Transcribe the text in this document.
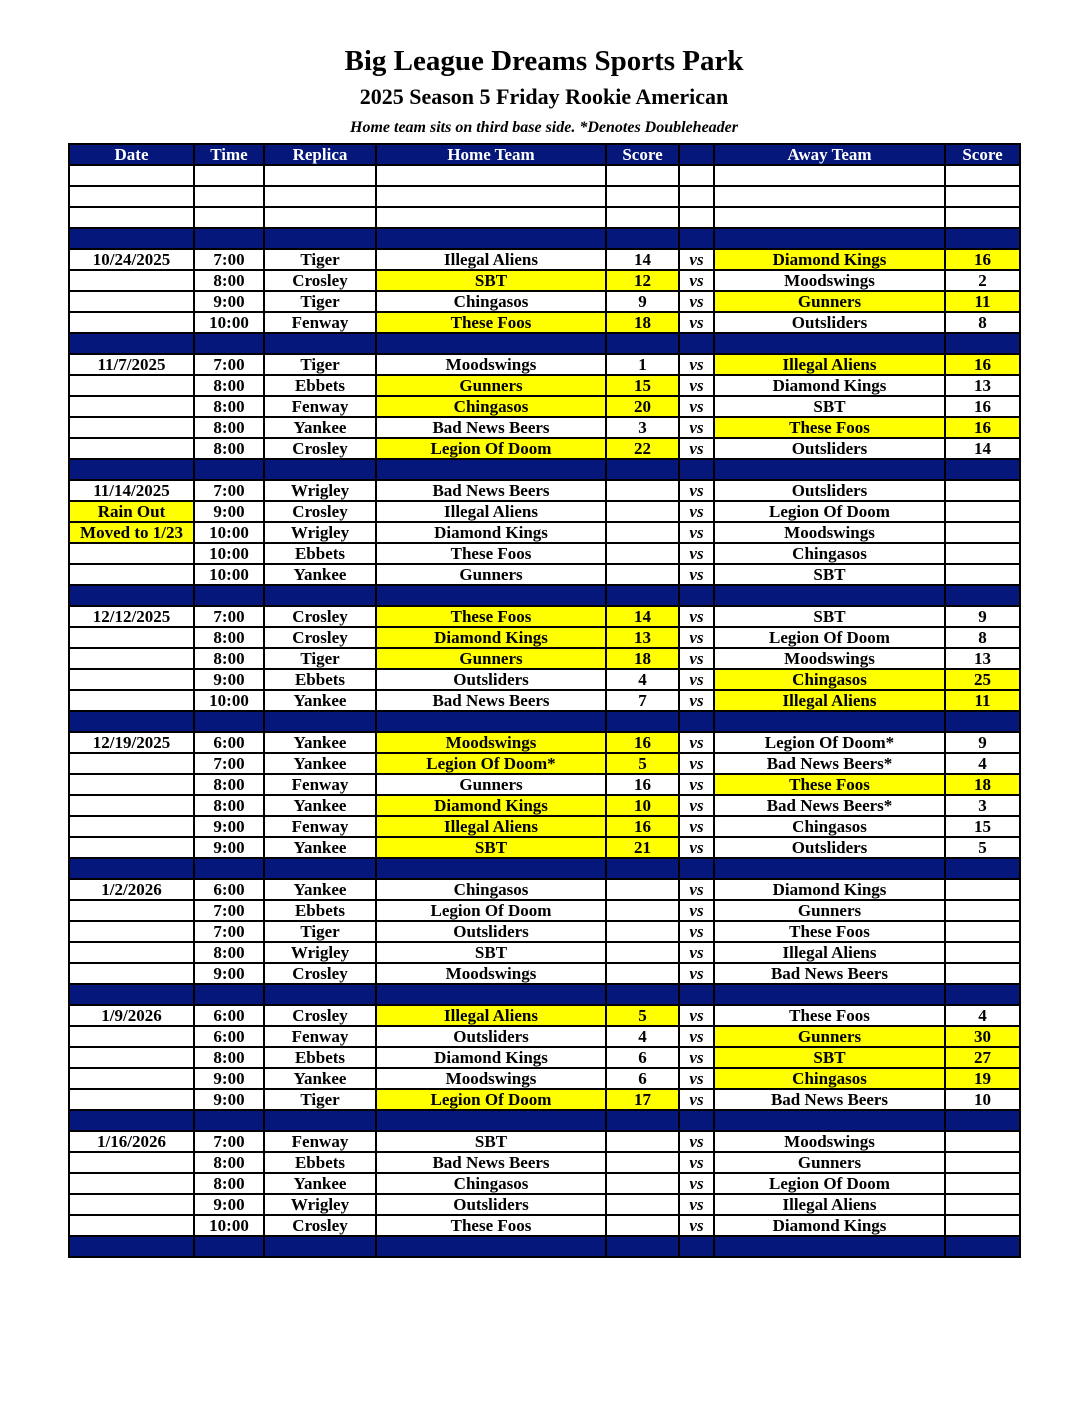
Big League Dreams Sports Park
2025 Season 5 Friday Rookie American
Home team sits on third base side. *Denotes Doubleheader
Date	Time	Replica	Home Team	Score		Away Team	Score

10/24/2025	7:00	Tiger	Illegal Aliens	14	vs	Diamond Kings	16
	8:00	Crosley	SBT	12	vs	Moodswings	2
	9:00	Tiger	Chingasos	9	vs	Gunners	11
	10:00	Fenway	These Foos	18	vs	Outsliders	8

11/7/2025	7:00	Tiger	Moodswings	1	vs	Illegal Aliens	16
	8:00	Ebbets	Gunners	15	vs	Diamond Kings	13
	8:00	Fenway	Chingasos	20	vs	SBT	16
	8:00	Yankee	Bad News Beers	3	vs	These Foos	16
	8:00	Crosley	Legion Of Doom	22	vs	Outsliders	14

11/14/2025	7:00	Wrigley	Bad News Beers		vs	Outsliders	
Rain Out	9:00	Crosley	Illegal Aliens		vs	Legion Of Doom	
Moved to 1/23	10:00	Wrigley	Diamond Kings		vs	Moodswings	
	10:00	Ebbets	These Foos		vs	Chingasos	
	10:00	Yankee	Gunners		vs	SBT	

12/12/2025	7:00	Crosley	These Foos	14	vs	SBT	9
	8:00	Crosley	Diamond Kings	13	vs	Legion Of Doom	8
	8:00	Tiger	Gunners	18	vs	Moodswings	13
	9:00	Ebbets	Outsliders	4	vs	Chingasos	25
	10:00	Yankee	Bad News Beers	7	vs	Illegal Aliens	11

12/19/2025	6:00	Yankee	Moodswings	16	vs	Legion Of Doom*	9
	7:00	Yankee	Legion Of Doom*	5	vs	Bad News Beers*	4
	8:00	Fenway	Gunners	16	vs	These Foos	18
	8:00	Yankee	Diamond Kings	10	vs	Bad News Beers*	3
	9:00	Fenway	Illegal Aliens	16	vs	Chingasos	15
	9:00	Yankee	SBT	21	vs	Outsliders	5

1/2/2026	6:00	Yankee	Chingasos		vs	Diamond Kings	
	7:00	Ebbets	Legion Of Doom		vs	Gunners	
	7:00	Tiger	Outsliders		vs	These Foos	
	8:00	Wrigley	SBT		vs	Illegal Aliens	
	9:00	Crosley	Moodswings		vs	Bad News Beers	

1/9/2026	6:00	Crosley	Illegal Aliens	5	vs	These Foos	4
	6:00	Fenway	Outsliders	4	vs	Gunners	30
	8:00	Ebbets	Diamond Kings	6	vs	SBT	27
	9:00	Yankee	Moodswings	6	vs	Chingasos	19
	9:00	Tiger	Legion Of Doom	17	vs	Bad News Beers	10

1/16/2026	7:00	Fenway	SBT		vs	Moodswings	
	8:00	Ebbets	Bad News Beers		vs	Gunners	
	8:00	Yankee	Chingasos		vs	Legion Of Doom	
	9:00	Wrigley	Outsliders		vs	Illegal Aliens	
	10:00	Crosley	These Foos		vs	Diamond Kings	
